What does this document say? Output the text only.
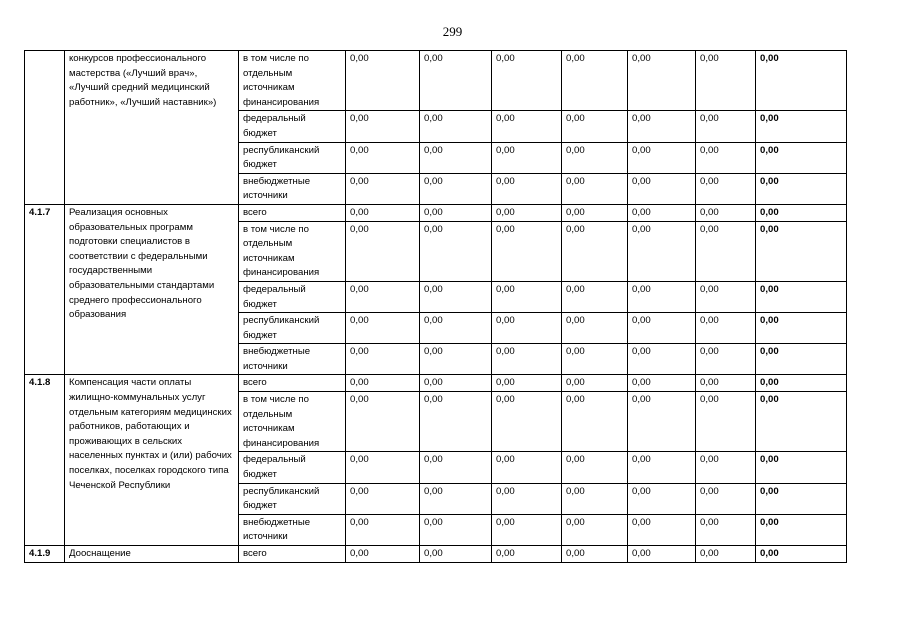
299
	конкурсов профессионального мастерства («Лучший врач», «Лучший средний медицинский работник», «Лучший наставник»)	в том числе по отдельным источникам финансирования	0,00	0,00	0,00	0,00	0,00	0,00	0,00
		федеральный бюджет	0,00	0,00	0,00	0,00	0,00	0,00	0,00
		республиканский бюджет	0,00	0,00	0,00	0,00	0,00	0,00	0,00
		внебюджетные источники	0,00	0,00	0,00	0,00	0,00	0,00	0,00
4.1.7	Реализация основных образовательных программ подготовки специалистов в соответствии с федеральными государственными образовательными стандартами среднего профессионального образования	всего	0,00	0,00	0,00	0,00	0,00	0,00	0,00
		в том числе по отдельным источникам финансирования	0,00	0,00	0,00	0,00	0,00	0,00	0,00
		федеральный бюджет	0,00	0,00	0,00	0,00	0,00	0,00	0,00
		республиканский бюджет	0,00	0,00	0,00	0,00	0,00	0,00	0,00
		внебюджетные источники	0,00	0,00	0,00	0,00	0,00	0,00	0,00
4.1.8	Компенсация части оплаты жилищно-коммунальных услуг отдельным категориям медицинских работников, работающих и проживающих в сельских населенных пунктах и (или) рабочих поселках, поселках городского типа Чеченской Республики	всего	0,00	0,00	0,00	0,00	0,00	0,00	0,00
		в том числе по отдельным источникам финансирования	0,00	0,00	0,00	0,00	0,00	0,00	0,00
		федеральный бюджет	0,00	0,00	0,00	0,00	0,00	0,00	0,00
		республиканский бюджет	0,00	0,00	0,00	0,00	0,00	0,00	0,00
		внебюджетные источники	0,00	0,00	0,00	0,00	0,00	0,00	0,00
4.1.9	Дооснащение	всего	0,00	0,00	0,00	0,00	0,00	0,00	0,00
